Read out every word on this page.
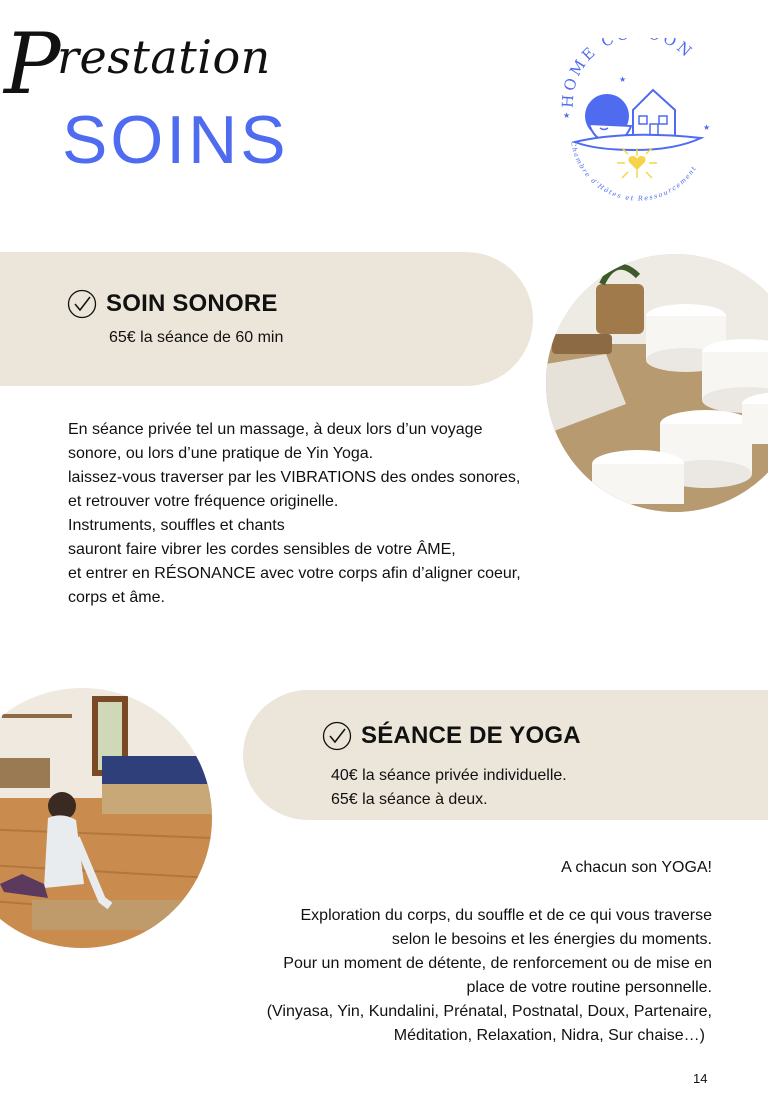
Prestation
SOINS
HOME C ON
Chambre d'Hôtes et Ressourcement
★
★
★
SOIN SONORE
65€ la séance de 60 min
En séance privée tel un massage, à deux lors d’un voyage
sonore, ou lors d’une pratique de Yin Yoga.
laissez-vous traverser par les VIBRATIONS des ondes sonores,
et retrouver votre fréquence originelle.
Instruments, souffles et chants
sauront faire vibrer les cordes sensibles de votre ÂME,
et entrer en RÉSONANCE avec votre corps afin d’aligner coeur,
corps et âme.
SÉANCE DE YOGA
40€ la séance privée individuelle.
65€ la séance à deux.
A chacun son YOGA!
Exploration du corps, du souffle et de ce qui vous traverse
selon le besoins et les énergies du moments.
Pour un moment de détente, de renforcement ou de mise en
place de votre routine personnelle.
(Vinyasa, Yin, Kundalini, Prénatal, Postnatal, Doux, Partenaire,
Méditation, Relaxation, Nidra, Sur chaise…)
14
